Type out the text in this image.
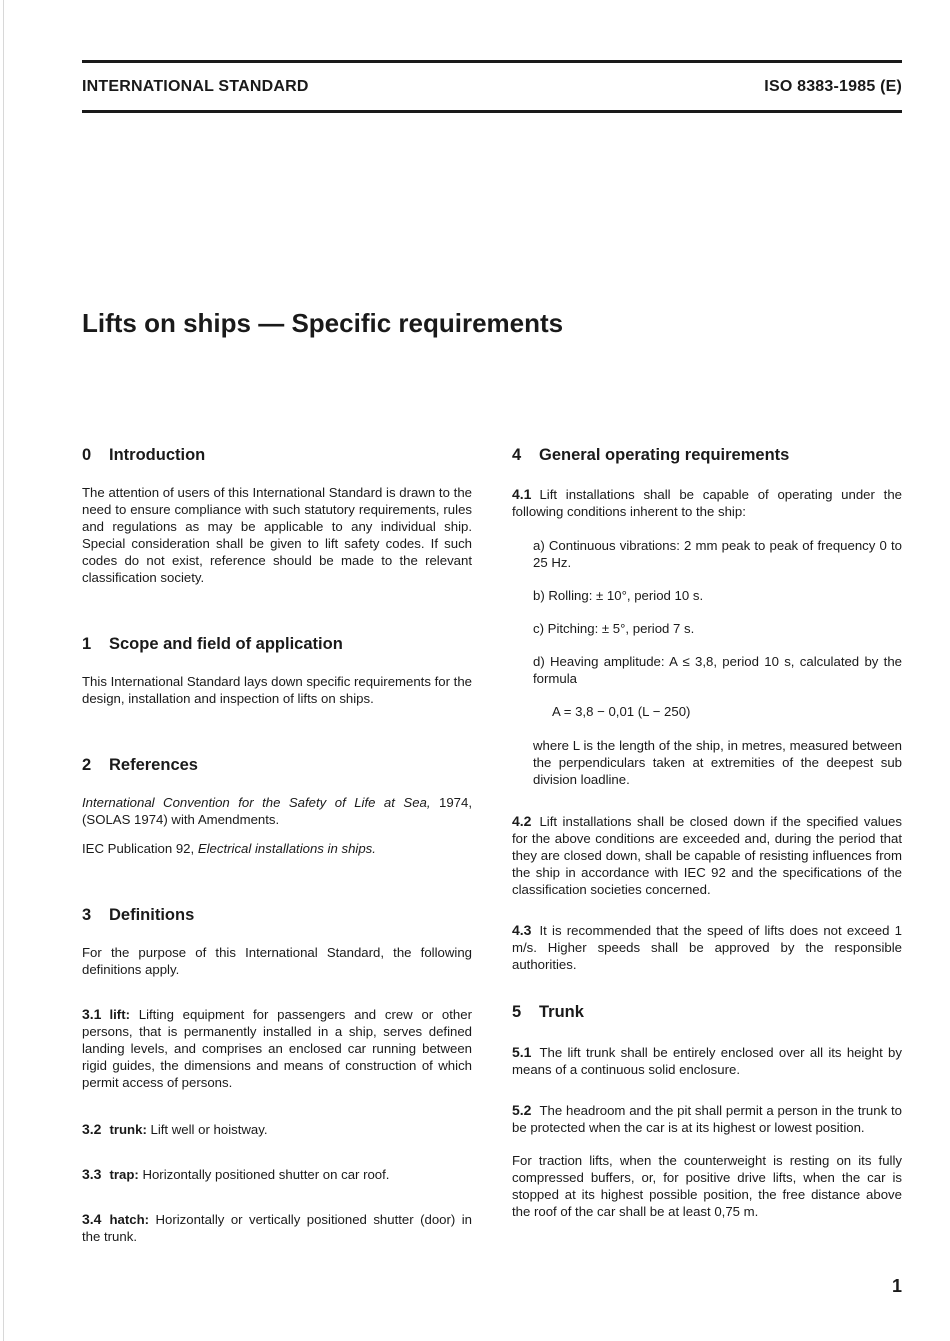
INTERNATIONAL STANDARD	ISO 8383-1985 (E)
Lifts on ships — Specific requirements
0 Introduction

The attention of users of this International Standard is drawn to the need to ensure compliance with such statutory requirements, rules and regulations as may be applicable to any individual ship. Special consideration shall be given to lift safety codes. If such codes do not exist, reference should be made to the relevant classification society.

1 Scope and field of application

This International Standard lays down specific requirements for the design, installation and inspection of lifts on ships.

2 References

International Convention for the Safety of Life at Sea, 1974, (SOLAS 1974) with Amendments.

IEC Publication 92, Electrical installations in ships.

3 Definitions

For the purpose of this International Standard, the following definitions apply.

3.1 lift: Lifting equipment for passengers and crew or other persons, that is permanently installed in a ship, serves defined landing levels, and comprises an enclosed car running between rigid guides, the dimensions and means of construction of which permit access of persons.

3.2 trunk: Lift well or hoistway.

3.3 trap: Horizontally positioned shutter on car roof.

3.4 hatch: Horizontally or vertically positioned shutter (door) in the trunk.

4 General operating requirements

4.1 Lift installations shall be capable of operating under the following conditions inherent to the ship:

a) Continuous vibrations: 2 mm peak to peak of frequency 0 to 25 Hz.

b) Rolling: ± 10°, period 10 s.

c) Pitching: ± 5°, period 7 s.

d) Heaving amplitude: A ≤ 3,8, period 10 s, calculated by the formula

A = 3,8 − 0,01 (L − 250)

where L is the length of the ship, in metres, measured between the perpendiculars taken at extremities of the deepest sub division loadline.

4.2 Lift installations shall be closed down if the specified values for the above conditions are exceeded and, during the period that they are closed down, shall be capable of resisting influences from the ship in accordance with IEC 92 and the specifications of the classification societies concerned.

4.3 It is recommended that the speed of lifts does not exceed 1 m/s. Higher speeds shall be approved by the responsible authorities.

5 Trunk

5.1 The lift trunk shall be entirely enclosed over all its height by means of a continuous solid enclosure.

5.2 The headroom and the pit shall permit a person in the trunk to be protected when the car is at its highest or lowest position.

For traction lifts, when the counterweight is resting on its fully compressed buffers, or, for positive drive lifts, when the car is stopped at its highest possible position, the free distance above the roof of the car shall be at least 0,75 m.

1
